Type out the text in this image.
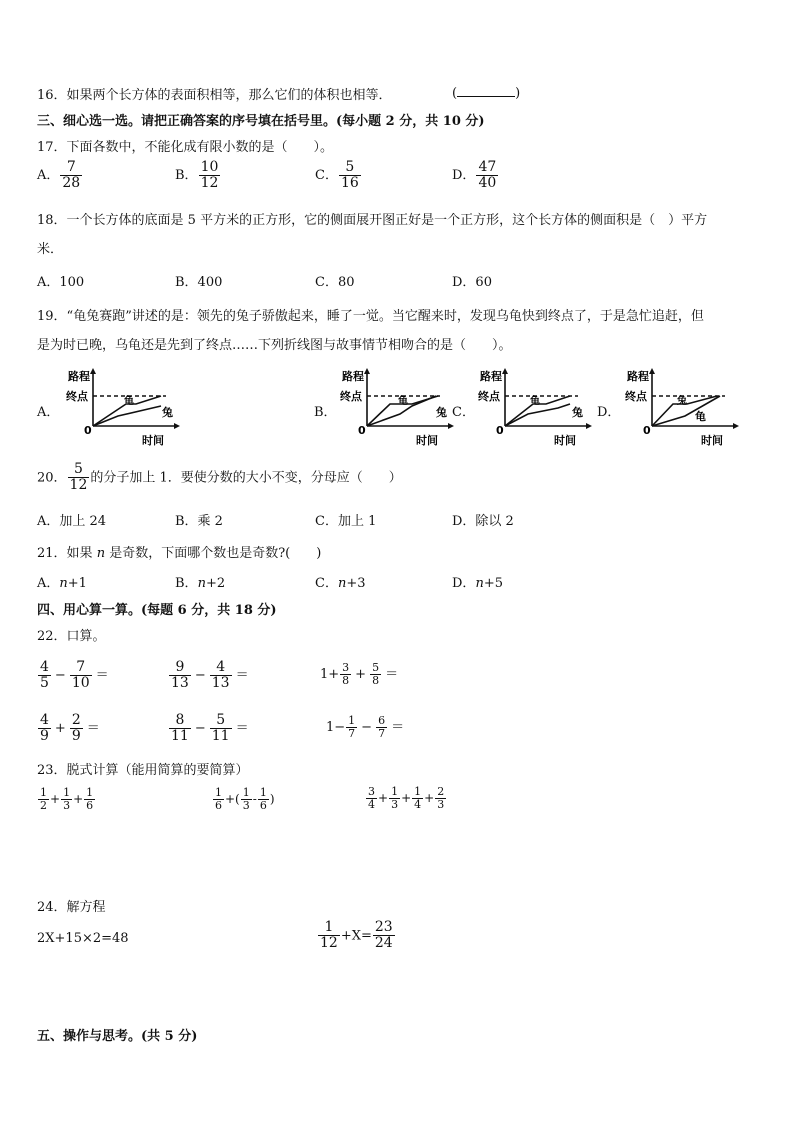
16．如果两个长方体的表面积相等，那么它们的体积也相等．	(	)
三、细心选一选。请把正确答案的序号填在括号里。(每小题 2 分，共 10 分)
17．下面各数中，不能化成有限小数的是（　　）。
A． $\frac{7}{28}$	B． $\frac{10}{12}$	C． $\frac{5}{16}$	D． $\frac{47}{40}$
18．一个长方体的底面是 5 平方米的正方形，它的侧面展开图正好是一个正方形，这个长方体的侧面积是（　）平方
米．
A．100	B．400	C．80	D．60
19．“龟兔赛跑”讲述的是：领先的兔子骄傲起来，睡了一觉。当它醒来时，发现乌龟快到终点了，于是急忙追赶，但
是为时已晚，乌龟还是先到了终点……下列折线图与故事情节相吻合的是（　　）。
A．
路程
终点
0
时间
龟
兔	B．
路程
终点
0
时间
龟
兔 C．
路程
终点
0
时间
龟
兔 D．
路程
终点
0
时间
兔
龟
20． $\frac{5}{12}$ 的分子加上 1．要使分数的大小不变，分母应（　　）
A．加上 24	B．乘 2	C．加上 1	D．除以 2
21．如果 n 是奇数，下面哪个数也是奇数?(　　)
A．n+1	B．n+2	C．n+3	D．n+5
四、用心算一算。(每题 6 分，共 18 分)
22．口算。
$\frac{4}{5} - \frac{7}{10}$ ＝	$\frac{9}{13} - \frac{4}{13}$ ＝	$1+ \frac{3}{8} + \frac{5}{8}$ ＝
$\frac{4}{9} + \frac{2}{9}$ ＝	$\frac{8}{11} - \frac{5}{11}$ ＝	$1- \frac{1}{7} - \frac{6}{7}$ ＝
23．脱式计算（能用简算的要简算）
$\frac{1}{2} + \frac{1}{3} + \frac{1}{6}$	$\frac{1}{6}$ +( $\frac{1}{3} - \frac{1}{6}$ )	$\frac{3}{4} + \frac{1}{3} + \frac{1}{4} + \frac{2}{3}$
24．解方程
2X+15×2=48	$\frac{1}{12} +X= \frac{23}{24}$
五、操作与思考。(共 5 分)
